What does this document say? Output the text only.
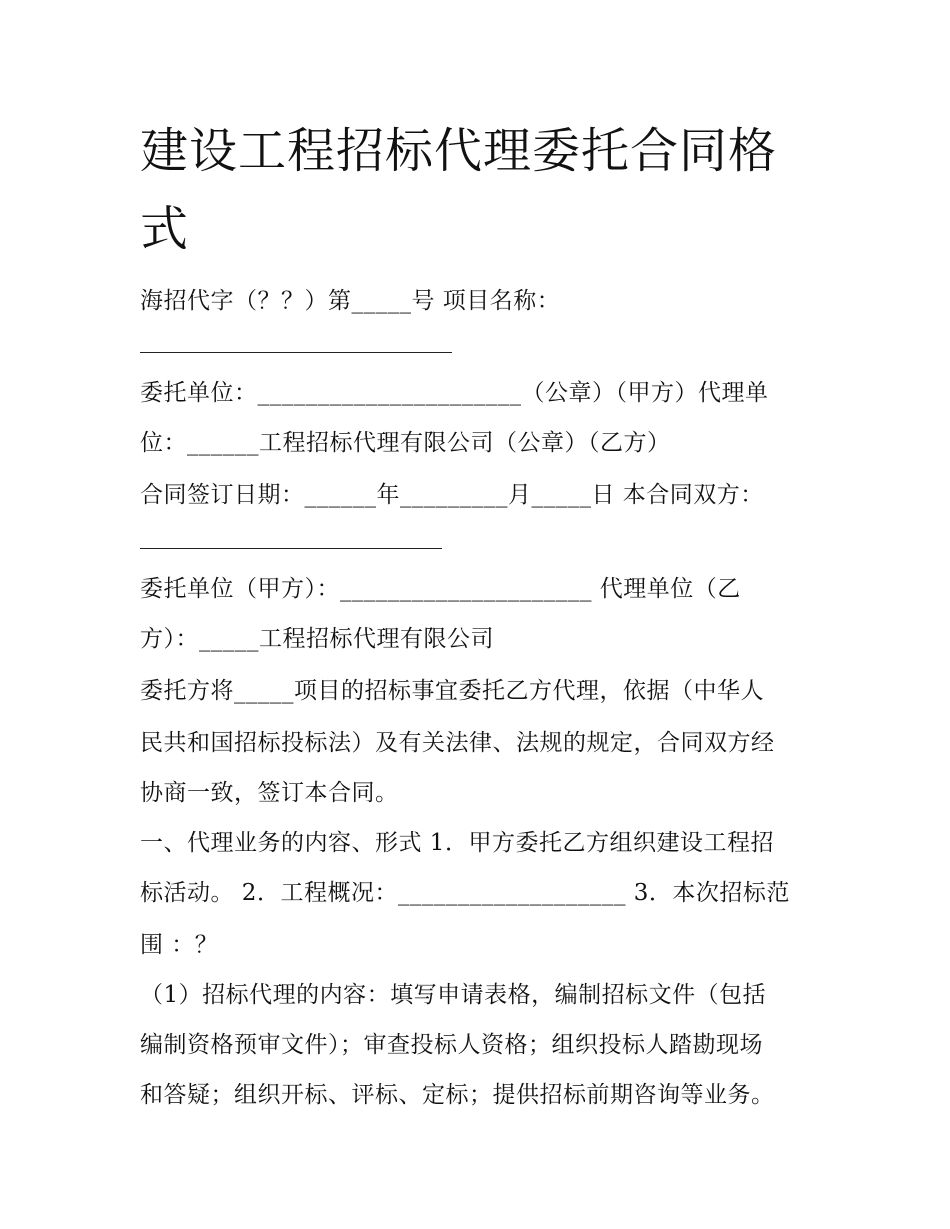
建设工程招标代理委托合同格式
海招代字（？？）第_____号 项目名称：
委托单位：______________________（公章）（甲方）代理单
位：______工程招标代理有限公司（公章）（乙方）
合同签订日期：______年_________月_____日 本合同双方：
委托单位（甲方）：_____________________ 代理单位（乙
方）：_____工程招标代理有限公司
委托方将_____项目的招标事宜委托乙方代理，依据（中华人
民共和国招标投标法）及有关法律、法规的规定，合同双方经
协商一致，签订本合同。
一、代理业务的内容、形式 1．甲方委托乙方组织建设工程招
标活动。 2．工程概况：___________________ 3．本次招标范
围 ：？
（1）招标代理的内容：填写申请表格，编制招标文件（包括
编制资格预审文件）；审查投标人资格；组织投标人踏勘现场
和答疑；组织开标、评标、定标；提供招标前期咨询等业务。
